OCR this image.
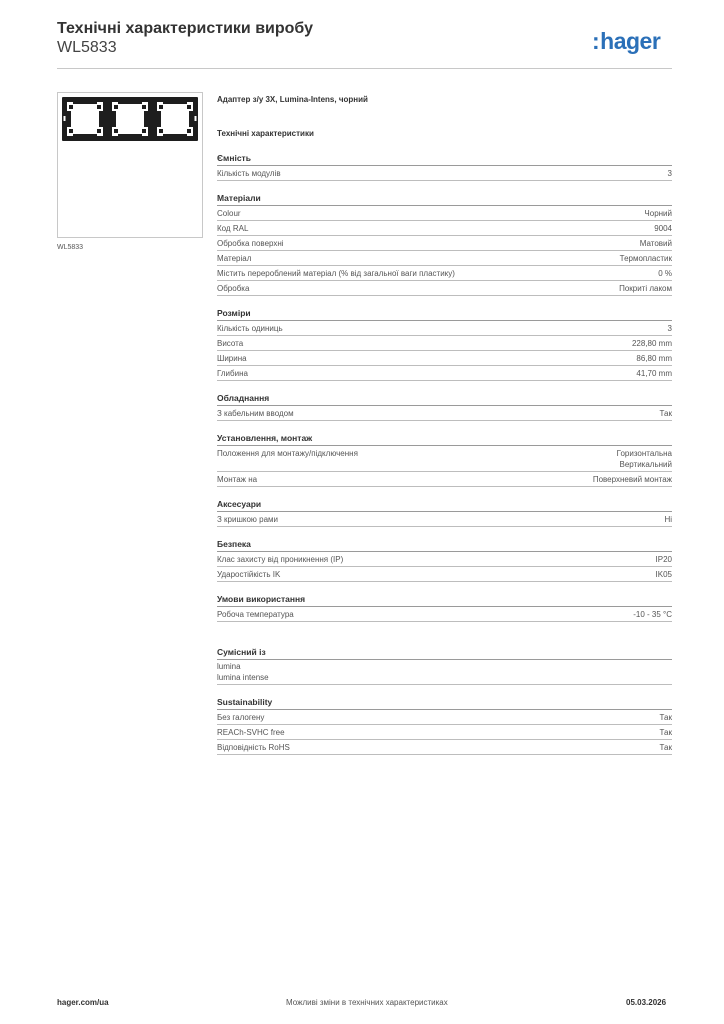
Технічні характеристики виробу
WL5833	:hager
WL5833
Адаптер з/у 3X, Lumina-Intens, чорний
Технічні характеристики
Ємність
Кількість модулів	3
Матеріали
Colour	Чорний
Код RAL	9004
Обробка поверхні	Матовий
Матеріал	Термопластик
Містить перероблений матеріал (% від загальної ваги пластику)	0 %
Обробка	Покриті лаком
Розміри
Кількість одиниць	3
Висота	228,80 mm
Ширина	86,80 mm
Глибина	41,70 mm
Обладнання
З кабельним вводом	Так
Установлення, монтаж
Положення для монтажу/підключення	Горизонтальна
Вертикальний
Монтаж на	Поверхневий монтаж
Аксесуари
З кришкою рами	Ні
Безпека
Клас захисту від проникнення (IP)	IP20
Ударостійкість IK	IK05
Умови використання
Робоча температура	-10 - 35 °C
Сумісний із
lumina
lumina intense
Sustainability
Без галогену	Так
REACh-SVHC free	Так
Відповідність RoHS	Так
hager.com/ua	Можливі зміни в технічних характеристиках	05.03.2026
